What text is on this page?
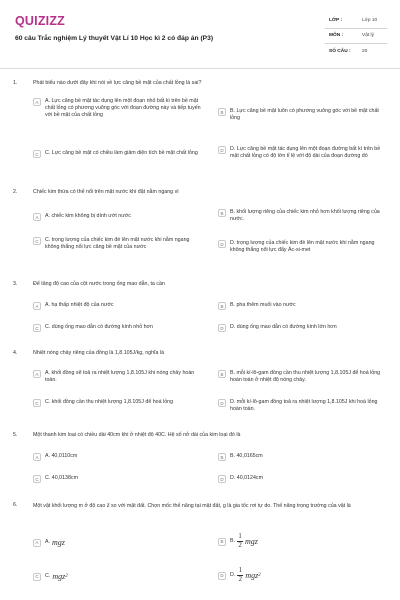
QUIZIZZ
60 câu Trắc nghiệm Lý thuyết Vật Lí 10 Học kì 2 có đáp án (P3)
LỚP :	Lớp 10
MÔN :	Vật lý
SỐ CÂU :	20
1.	Phát biểu nào dưới đây khi nói về lực căng bề mặt của chất lỏng là sai?
A	A. Lực căng bề mặt tác dụng lên một đoạn nhỏ bất kì trên bề mặt chất lỏng có phương vuông góc với đoạn đường này và tiếp tuyến với bề mặt của chất lỏng
B	B. Lực căng bề mặt luôn có phương vuông góc với bề mặt chất lỏng
C	C. Lực căng bề mặt có chiều làm giảm diện tích bề mặt chất lỏng	D	D. Lực căng bề mặt tác dụng lên một đoạn đường bất kì trên bề mặt chất lỏng có độ lớn tỉ lệ với độ dài của đoạn đường đó
2.	Chiếc kim thứa có thể nổi trên mặt nước khi đặt nằm ngang vì
A	A. chiếc kim không bị dính ướt nước	B	B. khối lượng riêng của chiếc kim nhỏ hơn khối lượng riêng của nước.
C	C. trọng lượng của chiếc kim đè lên mặt nước khi nằm ngang không thắng nổi lực căng bề mặt của nước
D	D. trọng lượng của chiếc kim đè lên mặt nước khi nằm ngang không thắng nổi lực đẩy Ác-si-met
3.	Để tăng độ cao của cột nước trong ống mao dẫn, ta cần
A	A. hạ thấp nhiệt độ của nước	B	B. pha thêm muối vào nước
C	C. dùng ống mao dẫn có đường kính nhỏ hơn	D	D. dùng ống mao dẫn có đường kính lớn hơn
4.	Nhiệt nóng chảy riêng của đồng là 1,8.105J/kg, nghĩa là
A	A. khối đồng sẽ toả ra nhiệt lượng 1,8.105J khi nóng chảy hoàn toàn.
B	B. mỗi kí-lô-gam đồng cần thu nhiệt lượng 1,8.105J để hoá lỏng hoàn toàn ở nhiệt độ nóng chảy.
C	C. khối đồng cần thu nhiệt lượng 1,8.105J để hoá lỏng	D	D. mỗi kí-lô-gam đồng toả ra nhiệt lượng 1,8.105J khi hoá lỏng hoàn toàn.
5.	Một thanh kim loại có chiều dài 40cm khi ở nhiệt độ 40C. Hệ số nở dài của kim loại đó là
A	A. 40,0110cm	B	B. 40,0165cm
C	C. 40,0138cm	D	D. 40,0124cm
6.	Một vật khối lượng m ở độ cao z so với mặt đất. Chọn mốc thế năng tại mặt đất, g là gia tốc rơi tự do. Thế năng trọng trường của vật là
A	A. mgz	B	B. $\frac{1}{2}$ mgz
C	C. mgz 2	D	D. $\frac{1}{2}$ mgz 2
